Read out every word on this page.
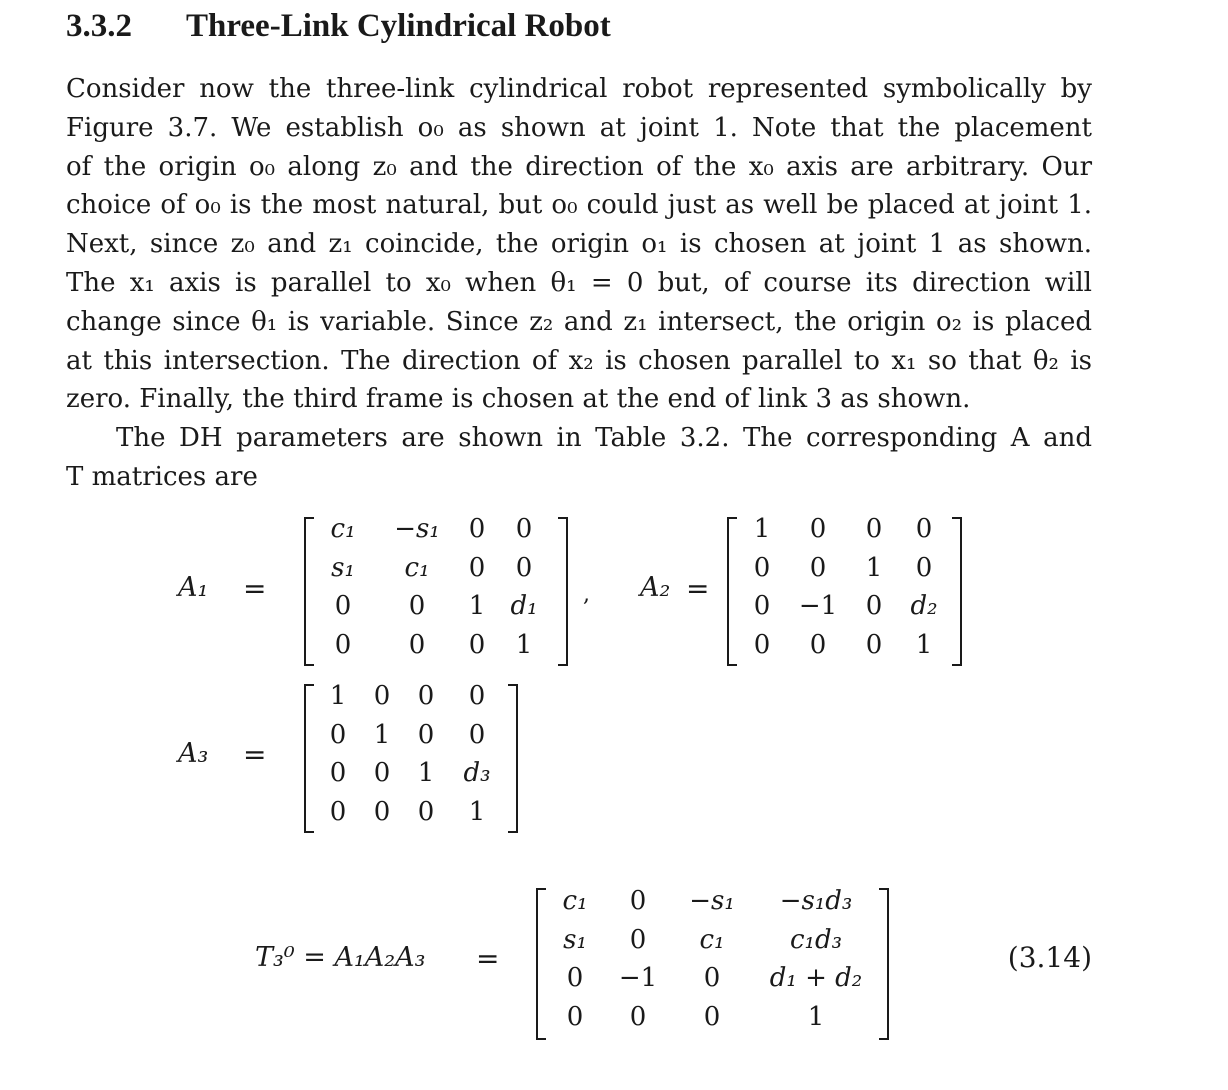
3.3.2 Three-Link Cylindrical Robot
Consider now the three-link cylindrical robot represented symbolically by
Figure 3.7. We establish o₀ as shown at joint 1. Note that the placement
of the origin o₀ along z₀ and the direction of the x₀ axis are arbitrary. Our
choice of o₀ is the most natural, but o₀ could just as well be placed at joint 1.
Next, since z₀ and z₁ coincide, the origin o₁ is chosen at joint 1 as shown.
The x₁ axis is parallel to x₀ when θ₁ = 0 but, of course its direction will
change since θ₁ is variable. Since z₂ and z₁ intersect, the origin o₂ is placed
at this intersection. The direction of x₂ is chosen parallel to x₁ so that θ₂ is
zero. Finally, the third frame is chosen at the end of link 3 as shown.
The DH parameters are shown in Table 3.2. The corresponding A and
T matrices are
A₁ =	, A₂ =
A₃ =
T₃⁰ = A₁A₂A₃ =	(3.14)
c₁ −s₁ 0 0
s₁ c₁ 0 0
0 0 1 d₁
0 0 0 1
1 0 0 0
0 0 1 0
0 −1 0 d₂
0 0 0 1
1 0 0 0
0 1 0 0
0 0 1 d₃
0 0 0 1
c₁ 0 −s₁ −s₁d₃
s₁ 0 c₁	c₁d₃
0 −1 0 d₁ + d₂
0 0 0	1
